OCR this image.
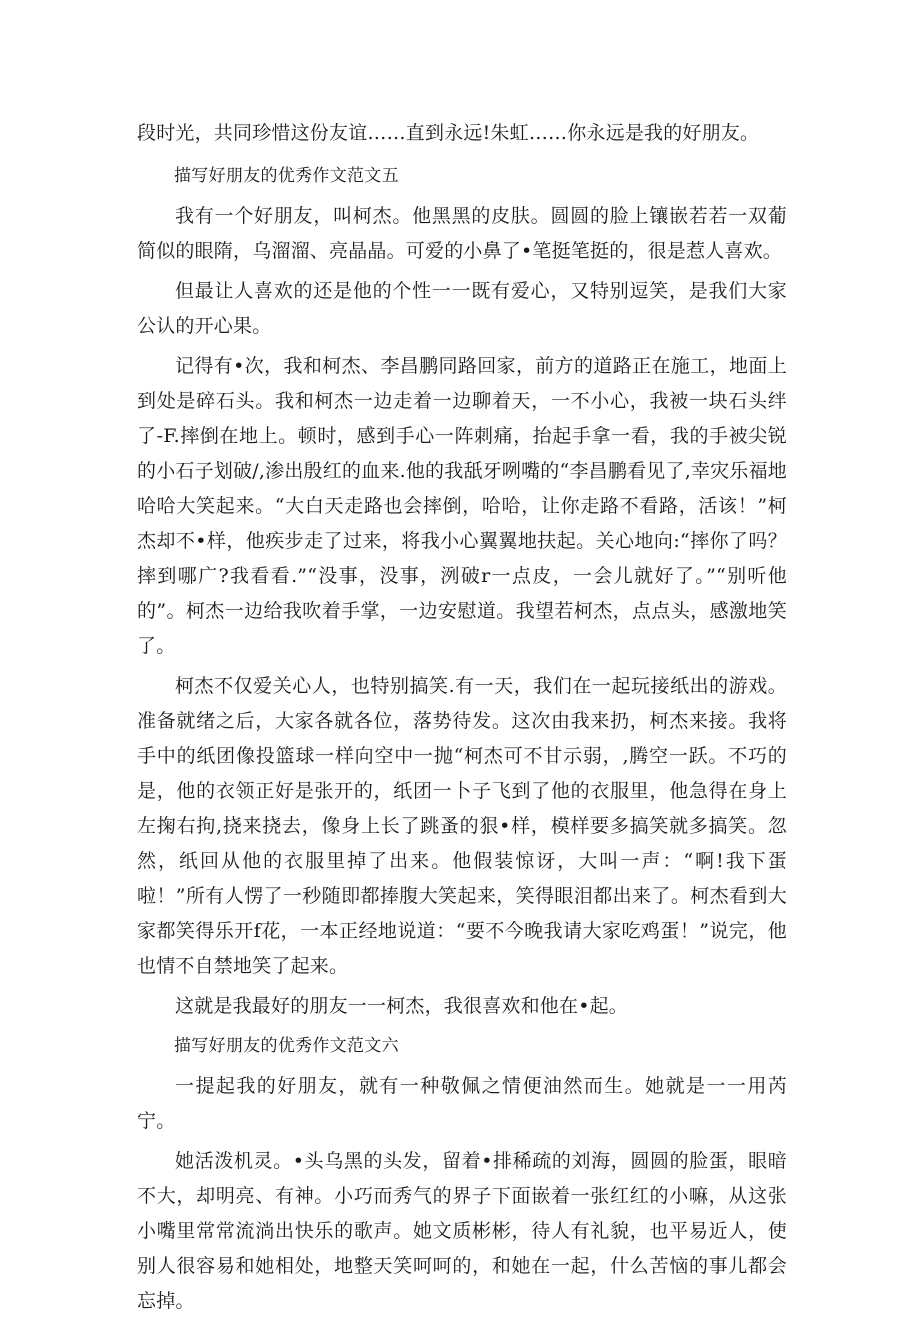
段时光，共同珍惜这份友谊……直到永远!朱虹……你永远是我的好朋友。

描写好朋友的优秀作文范文五

我有一个好朋友，叫柯杰。他黑黑的皮肤。圆圆的脸上镶嵌若若一双葡简似的眼隋，乌溜溜、亮晶晶。可爱的小鼻了•笔挺笔挺的，很是惹人喜欢。

但最让人喜欢的还是他的个性一一既有爱心，又特别逗笑，是我们大家公认的开心果。

记得有•次，我和柯杰、李昌鹏同路回家，前方的道路正在施工，地面上到处是碎石头。我和柯杰一边走着一边聊着天，一不小心，我被一块石头绊了-F.摔倒在地上。顿时，感到手心一阵刺痛，抬起手拿一看，我的手被尖锐的小石子划破/,渗出殷红的血来.他的我舐牙咧嘴的“李昌鹏看见了,幸灾乐福地哈哈大笑起来。“大白天走路也会摔倒，哈哈，让你走路不看路，活该！”柯杰却不•样，他疾步走了过来，将我小心翼翼地扶起。关心地向:“摔你了吗？摔到哪广?我看看.”“没事，没事，洌破r一点皮，一会儿就好了。”“别听他的”。柯杰一边给我吹着手掌，一边安慰道。我望若柯杰，点点头，感激地笑了。

柯杰不仅爱关心人，也特别搞笑.有一天，我们在一起玩接纸出的游戏。准备就绪之后，大家各就各位，落势待发。这次由我来扔，柯杰来接。我将手中的纸团像投篮球一样向空中一抛“柯杰可不甘示弱，,腾空一跃。不巧的是，他的衣领正好是张开的，纸团一卜子飞到了他的衣服里，他急得在身上左掬右拘,挠来挠去，像身上长了跳蚤的狠•样，模样要多搞笑就多搞笑。忽然，纸回从他的衣服里掉了出来。他假装惊讶，大叫一声：“啊!我下蛋啦！”所有人愣了一秒随即都捧腹大笑起来，笑得眼泪都出来了。柯杰看到大家都笑得乐开f花，一本正经地说道：“要不今晚我请大家吃鸡蛋！”说完，他也情不自禁地笑了起来。

这就是我最好的朋友一一柯杰，我很喜欢和他在•起。

描写好朋友的优秀作文范文六

一提起我的好朋友，就有一种敬佩之情便油然而生。她就是一一用芮宁。

她活泼机灵。•头乌黑的头发，留着•排稀疏的刘海，圆圆的脸蛋，眼暗不大，却明亮、有神。小巧而秀气的界子下面嵌着一张红红的小嘛，从这张小嘴里常常流淌出快乐的歌声。她文质彬彬，待人有礼貌，也平易近人，使别人很容易和她相处，地整天笑呵呵的，和她在一起，什么苦恼的事儿都会忘掉。
